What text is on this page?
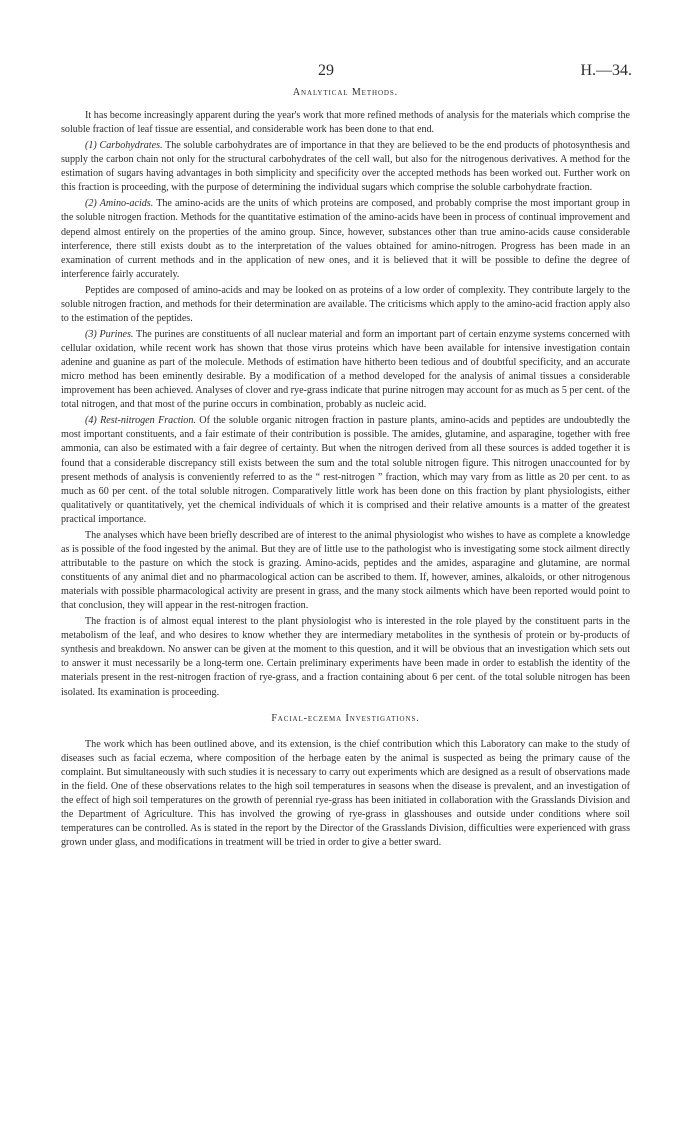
29	H.—34.
Analytical Methods.

It has become increasingly apparent during the year's work that more refined methods of analysis for the materials which comprise the soluble fraction of leaf tissue are essential, and considerable work has been done to that end.

(1) Carbohydrates. The soluble carbohydrates are of importance in that they are believed to be the end products of photosynthesis and supply the carbon chain not only for the structural carbohydrates of the cell wall, but also for the nitrogenous derivatives. A method for the estimation of sugars having advantages in both simplicity and specificity over the accepted methods has been worked out. Further work on this fraction is proceeding, with the purpose of determining the individual sugars which comprise the soluble carbohydrate fraction.

(2) Amino-acids. The amino-acids are the units of which proteins are composed, and probably comprise the most important group in the soluble nitrogen fraction. Methods for the quantitative estimation of the amino-acids have been in process of continual improvement and depend almost entirely on the properties of the amino group. Since, however, substances other than true amino-acids cause considerable interference, there still exists doubt as to the interpretation of the values obtained for amino-nitrogen. Progress has been made in an examination of current methods and in the application of new ones, and it is believed that it will be possible to define the degree of interference fairly accurately.

Peptides are composed of amino-acids and may be looked on as proteins of a low order of complexity. They contribute largely to the soluble nitrogen fraction, and methods for their determination are available. The criticisms which apply to the amino-acid fraction apply also to the estimation of the peptides.

(3) Purines. The purines are constituents of all nuclear material and form an important part of certain enzyme systems concerned with cellular oxidation, while recent work has shown that those virus proteins which have been available for intensive investigation contain adenine and guanine as part of the molecule. Methods of estimation have hitherto been tedious and of doubtful specificity, and an accurate micro method has been eminently desirable. By a modification of a method developed for the analysis of animal tissues a considerable improvement has been achieved. Analyses of clover and rye-grass indicate that purine nitrogen may account for as much as 5 per cent. of the total nitrogen, and that most of the purine occurs in combination, probably as nucleic acid.

(4) Rest-nitrogen Fraction. Of the soluble organic nitrogen fraction in pasture plants, amino-acids and peptides are undoubtedly the most important constituents, and a fair estimate of their contribution is possible. The amides, glutamine, and asparagine, together with free ammonia, can also be estimated with a fair degree of certainty. But when the nitrogen derived from all these sources is added together it is found that a considerable discrepancy still exists between the sum and the total soluble nitrogen figure. This nitrogen unaccounted for by present methods of analysis is conveniently referred to as the “ rest-nitrogen ” fraction, which may vary from as little as 20 per cent. to as much as 60 per cent. of the total soluble nitrogen. Comparatively little work has been done on this fraction by plant physiologists, either qualitatively or quantitatively, yet the chemical individuals of which it is comprised and their relative amounts is a matter of the greatest practical importance.

The analyses which have been briefly described are of interest to the animal physiologist who wishes to have as complete a knowledge as is possible of the food ingested by the animal. But they are of little use to the pathologist who is investigating some stock ailment directly attributable to the pasture on which the stock is grazing. Amino-acids, peptides and the amides, asparagine and glutamine, are normal constituents of any animal diet and no pharmacological action can be ascribed to them. If, however, amines, alkaloids, or other nitrogenous materials with possible pharmacological activity are present in grass, and the many stock ailments which have been reported would point to that conclusion, they will appear in the rest-nitrogen fraction.

The fraction is of almost equal interest to the plant physiologist who is interested in the role played by the constituent parts in the metabolism of the leaf, and who desires to know whether they are intermediary metabolites in the synthesis of protein or by-products of synthesis and breakdown. No answer can be given at the moment to this question, and it will be obvious that an investigation which sets out to answer it must necessarily be a long-term one. Certain preliminary experiments have been made in order to establish the identity of the materials present in the rest-nitrogen fraction of rye-grass, and a fraction containing about 6 per cent. of the total soluble nitrogen has been isolated. Its examination is proceeding.

Facial-eczema Investigations.

The work which has been outlined above, and its extension, is the chief contribution which this Laboratory can make to the study of diseases such as facial eczema, where composition of the herbage eaten by the animal is suspected as being the primary cause of the complaint. But simultaneously with such studies it is necessary to carry out experiments which are designed as a result of observations made in the field. One of these observations relates to the high soil temperatures in seasons when the disease is prevalent, and an investigation of the effect of high soil temperatures on the growth of perennial rye-grass has been initiated in collaboration with the Grasslands Division and the Department of Agriculture. This has involved the growing of rye-grass in glasshouses and outside under conditions where soil temperatures can be controlled. As is stated in the report by the Director of the Grasslands Division, difficulties were experienced with grass grown under glass, and modifications in treatment will be tried in order to give a better sward.
